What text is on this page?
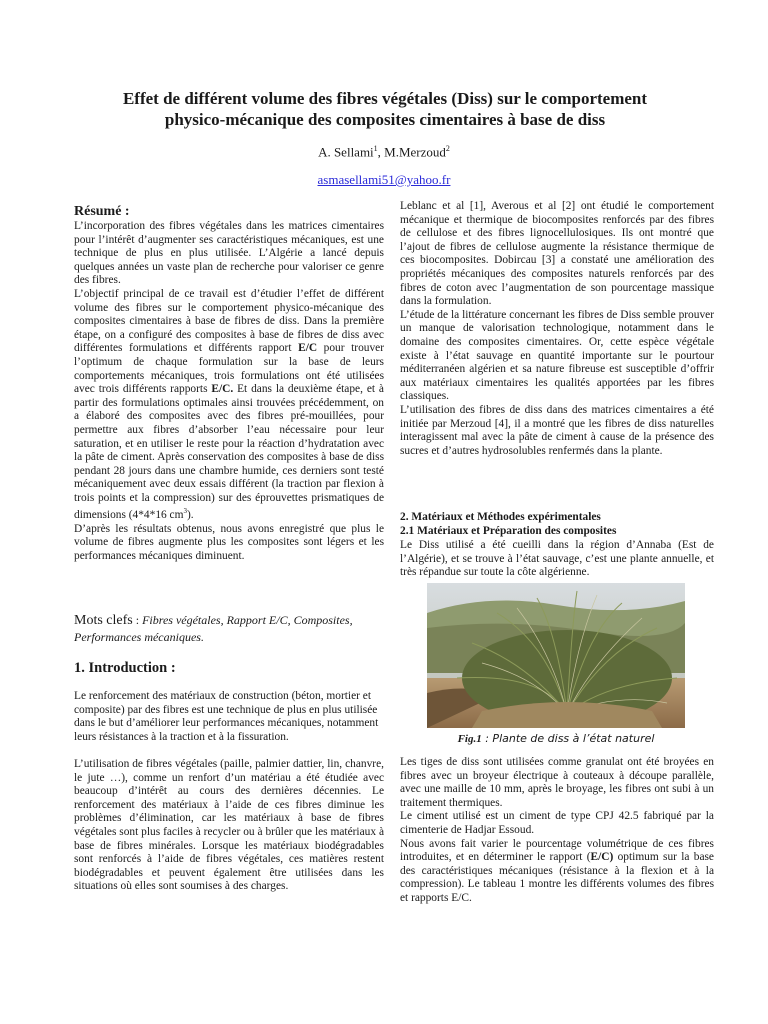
Effet de différent volume des fibres végétales (Diss) sur le comportement
physico-mécanique des composites cimentaires à base de diss
A. Sellami$^1$, M.Merzoud$^2$
asmasellami51@yahoo.fr
Résumé :

L’incorporation des fibres végétales dans les matrices cimentaires pour l’intérêt d’augmenter ses caractéristiques mécaniques, est une technique de plus en plus utilisée. L’Algérie a lancé depuis quelques années un vaste plan de recherche pour valoriser ce genre des fibres.

L’objectif principal de ce travail est d’étudier l’effet de différent volume des fibres sur le comportement physico-mécanique des composites cimentaires à base de fibres de diss. Dans la première étape, on a configuré des composites à base de fibres de diss avec différentes formulations et différents rapport E/C pour trouver l’optimum de chaque formulation sur la base de leurs comportements mécaniques, trois formulations ont été utilisées avec trois différents rapports E/C. Et dans la deuxième étape, et à partir des formulations optimales ainsi trouvées précédemment, on a élaboré des composites avec des fibres pré-mouillées, pour permettre aux fibres d’absorber l’eau nécessaire pour leur saturation, et en utiliser le reste pour la réaction d’hydratation avec la pâte de ciment. Après conservation des composites à base de diss pendant 28 jours dans une chambre humide, ces derniers sont testé mécaniquement avec deux essais différent (la traction par flexion à trois points et la compression) sur des éprouvettes prismatiques de dimensions (4*4*16 $cm^3$).

D’après les résultats obtenus, nous avons enregistré que plus le volume de fibres augmente plus les composites sont légers et les performances mécaniques diminuent.

Mots clefs : Fibres végétales, Rapport E/C, Composites, Performances mécaniques.
1. Introduction :
Le renforcement des matériaux de construction (béton, mortier et composite) par des fibres est une technique de plus en plus utilisée dans le but d’améliorer leur performances mécaniques, notamment leurs résistances à la traction et à la fissuration.
L’utilisation de fibres végétales (paille, palmier dattier, lin, chanvre, le jute …), comme un renfort d’un matériau a été étudiée avec beaucoup d’intérêt au cours des dernières décennies. Le renforcement des matériaux à l’aide de ces fibres diminue les problèmes d’élimination, car les matériaux à base de fibres végétales sont plus faciles à recycler ou à brûler que les matériaux à base de fibres minérales. Lorsque les matériaux biodégradables sont renforcés à l’aide de fibres végétales, ces matières restent biodégradables et peuvent également être utilisées dans les situations où elles sont soumises à des charges.

Leblanc et al [1], Averous et al [2] ont étudié le comportement mécanique et thermique de biocomposites renforcés par des fibres de cellulose et des fibres lignocellulosiques. Ils ont montré que l’ajout de fibres de cellulose augmente la résistance thermique de ces biocomposites. Dobircau [3] a constaté une amélioration des propriétés mécaniques des composites naturels renforcés par des fibres de coton avec l’augmentation de son pourcentage massique dans la formulation.

L’étude de la littérature concernant les fibres de Diss semble prouver un manque de valorisation technologique, notamment dans le domaine des composites cimentaires. Or, cette espèce végétale existe à l’état sauvage en quantité importante sur le pourtour méditerranéen algérien et sa nature fibreuse est susceptible d’offrir aux matériaux cimentaires les qualités apportées par les fibres classiques.

L’utilisation des fibres de diss dans des matrices cimentaires a été initiée par Merzoud [4], il a montré que les fibres de diss naturelles interagissent mal avec la pâte de ciment à cause de la présence des sucres et d’autres hydrosolubles renfermés dans la plante.

2. Matériaux et Méthodes expérimentales
2.1 Matériaux et Préparation des composites
Le Diss utilisé a été cueilli dans la région d’Annaba (Est de l’Algérie), et se trouve à l’état sauvage, c’est une plante annuelle, et très répandue sur toute la côte algérienne.
Fig.1 : Plante de diss à l’état naturel

Les tiges de diss sont utilisées comme granulat ont été broyées en fibres avec un broyeur électrique à couteaux à découpe parallèle, avec une maille de 10 mm, après le broyage, les fibres ont subi à un traitement thermiques.

Le ciment utilisé est un ciment de type CPJ 42.5 fabriqué par la cimenterie de Hadjar Essoud.

Nous avons fait varier le pourcentage volumétrique de ces fibres introduites, et en déterminer le rapport (E/C) optimum sur la base des caractéristiques mécaniques (résistance à la flexion et à la compression). Le tableau 1 montre les différents volumes des fibres et rapports E/C.
